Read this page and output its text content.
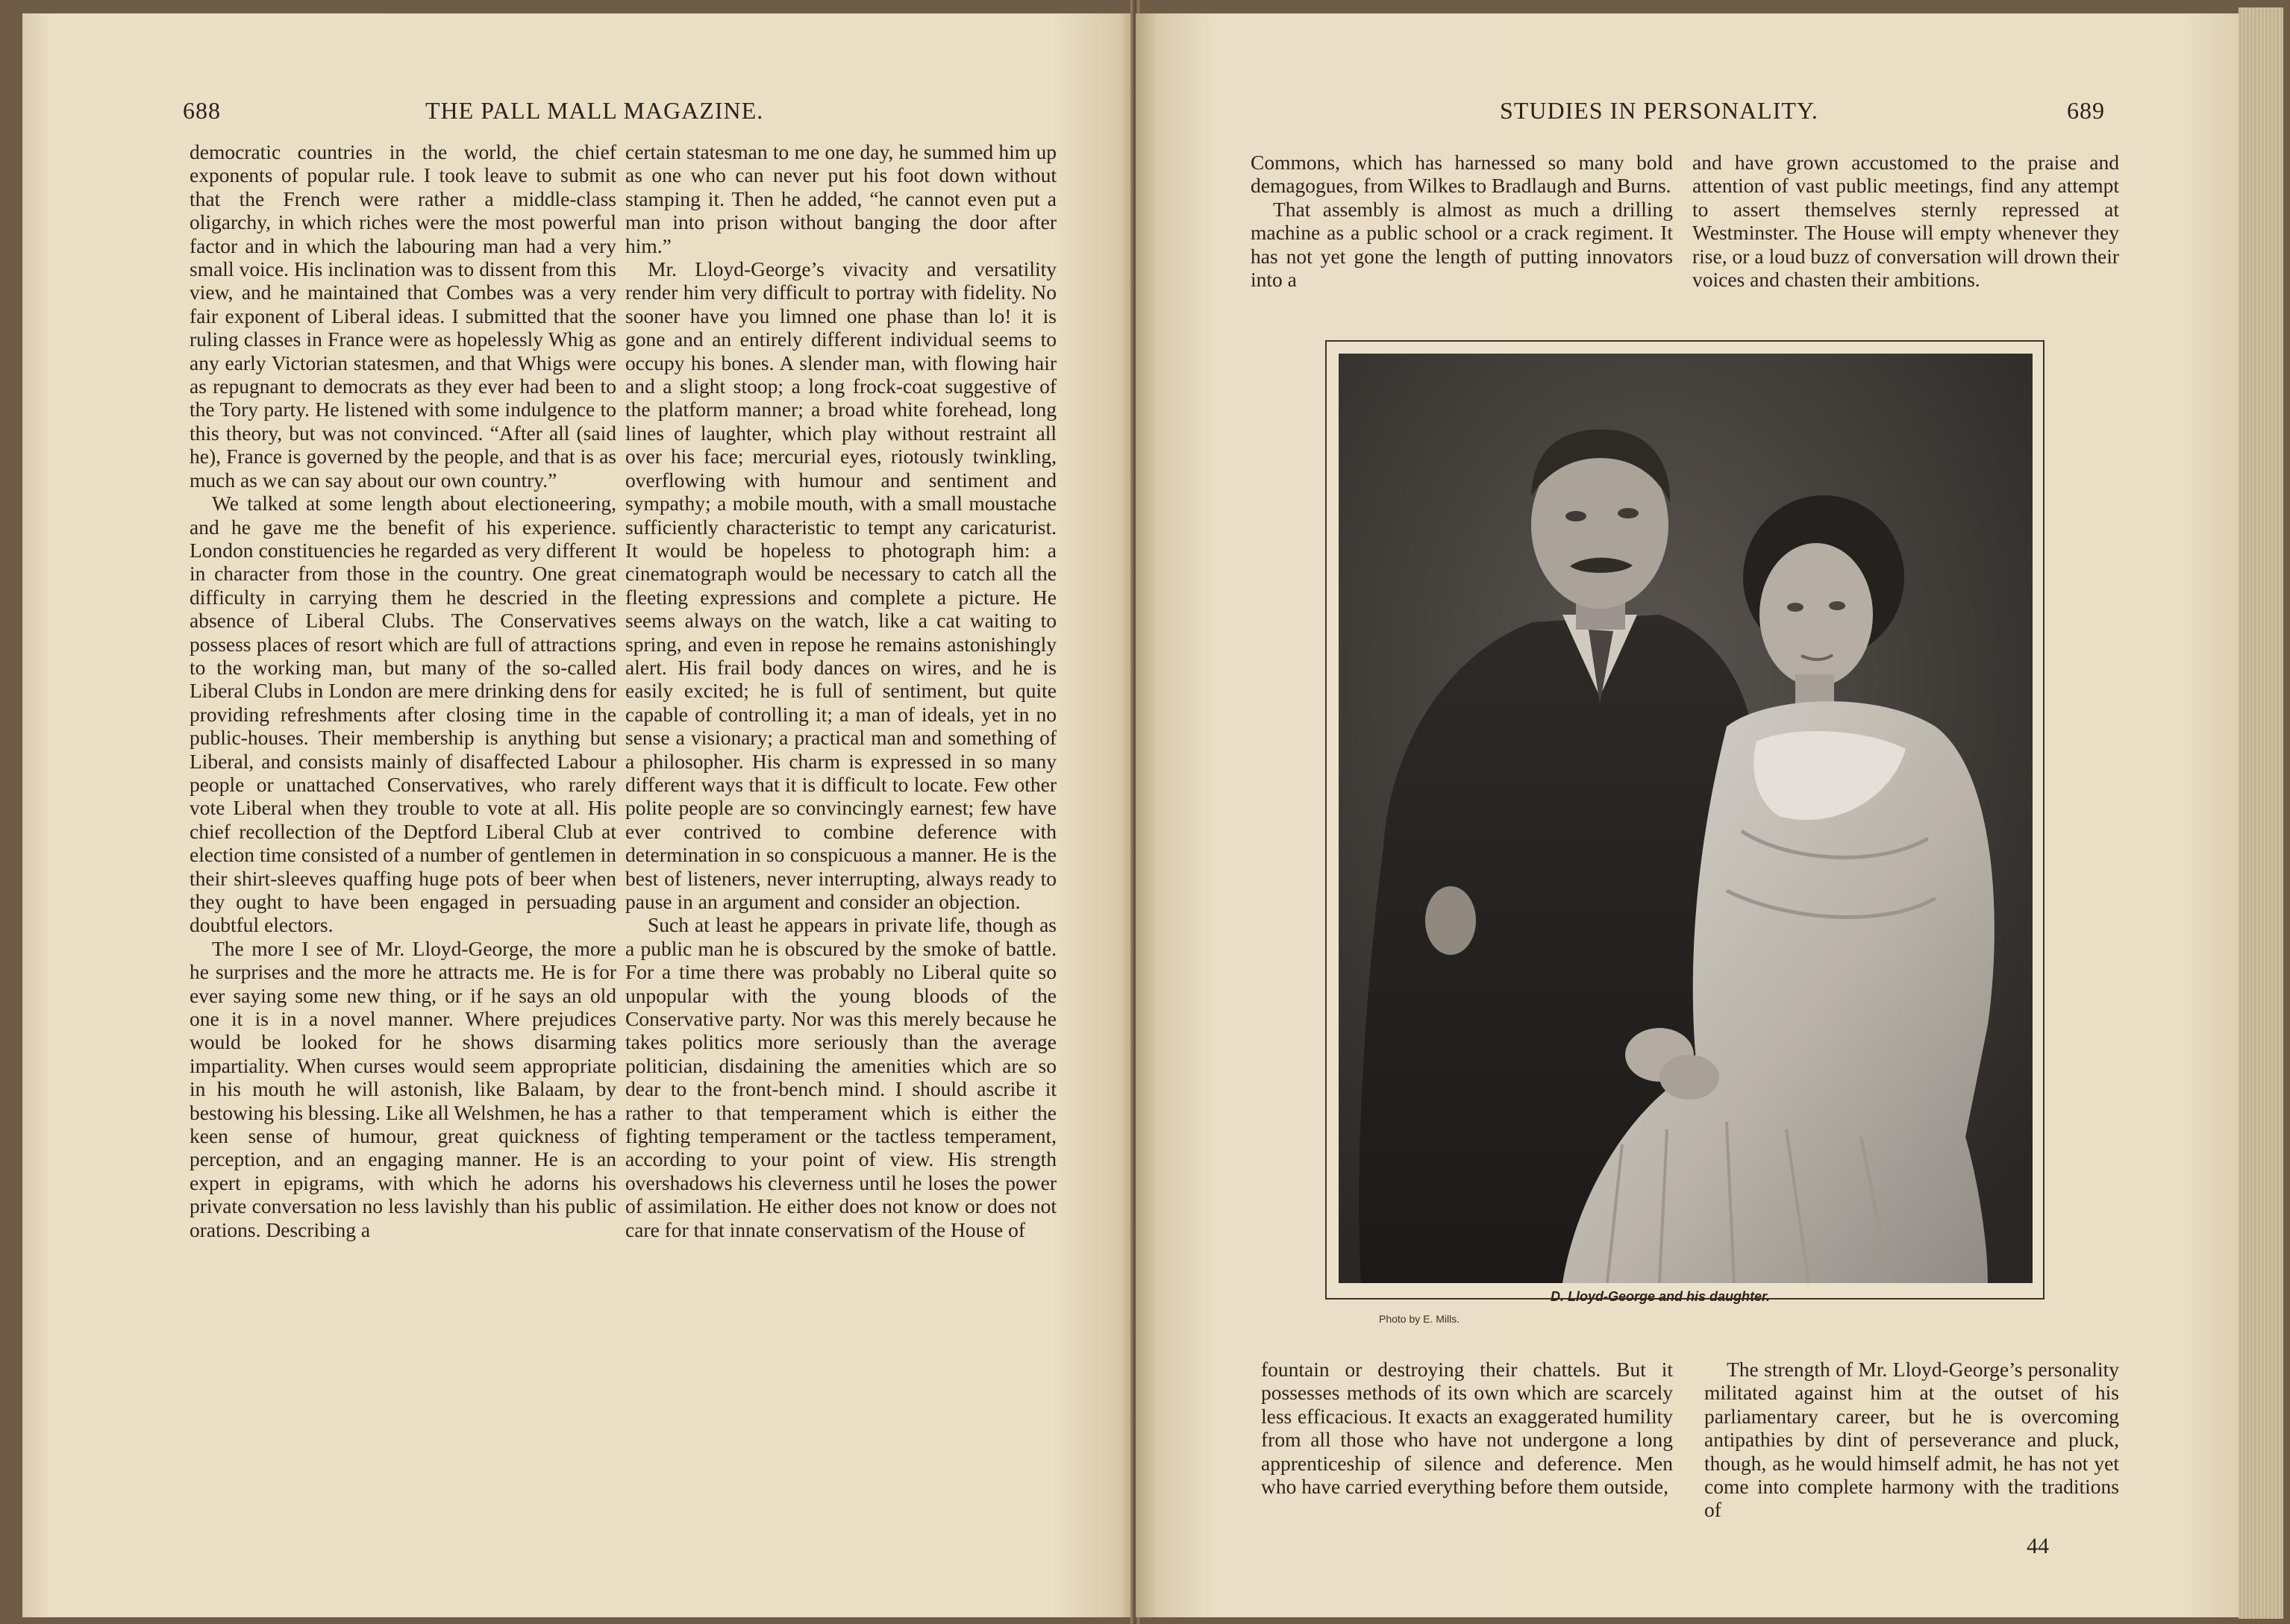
688	THE PALL MALL MAGAZINE.

democratic countries in the world, the chief exponents of popular rule. I took leave to submit that the French were rather a middle-class oligarchy, in which riches were the most powerful factor and in which the labouring man had a very small voice. His inclination was to dissent from this view, and he maintained that Combes was a very fair exponent of Liberal ideas. I submitted that the ruling classes in France were as hopelessly Whig as any early Victorian statesmen, and that Whigs were as repugnant to democrats as they ever had been to the Tory party. He listened with some indulgence to this theory, but was not convinced. “After all (said he), France is governed by the people, and that is as much as we can say about our own country.”

We talked at some length about electioneering, and he gave me the benefit of his experience. London constituencies he regarded as very different in character from those in the country. One great difficulty in carrying them he descried in the absence of Liberal Clubs. The Conservatives possess places of resort which are full of attractions to the working man, but many of the so-called Liberal Clubs in London are mere drinking dens for providing refreshments after closing time in the public-houses. Their membership is anything but Liberal, and consists mainly of disaffected Labour people or unattached Conservatives, who rarely vote Liberal when they trouble to vote at all. His chief recollection of the Deptford Liberal Club at election time consisted of a number of gentlemen in their shirt-sleeves quaffing huge pots of beer when they ought to have been engaged in persuading doubtful electors.

The more I see of Mr. Lloyd-George, the more he surprises and the more he attracts me. He is for ever saying some new thing, or if he says an old one it is in a novel manner. Where prejudices would be looked for he shows disarming impartiality. When curses would seem appropriate in his mouth he will astonish, like Balaam, by bestowing his blessing. Like all Welshmen, he has a keen sense of humour, great quickness of perception, and an engaging manner. He is an expert in epigrams, with which he adorns his private conversation no less lavishly than his public orations. Describing a

certain statesman to me one day, he summed him up as one who can never put his foot down without stamping it. Then he added, “he cannot even put a man into prison without banging the door after him.”

Mr. Lloyd-George’s vivacity and versatility render him very difficult to portray with fidelity. No sooner have you limned one phase than lo! it is gone and an entirely different individual seems to occupy his bones. A slender man, with flowing hair and a slight stoop; a long frock-coat suggestive of the platform manner; a broad white forehead, long lines of laughter, which play without restraint all over his face; mercurial eyes, riotously twinkling, overflowing with humour and sentiment and sympathy; a mobile mouth, with a small moustache sufficiently characteristic to tempt any caricaturist. It would be hopeless to photograph him: a cinematograph would be necessary to catch all the fleeting expressions and complete a picture. He seems always on the watch, like a cat waiting to spring, and even in repose he remains astonishingly alert. His frail body dances on wires, and he is easily excited; he is full of sentiment, but quite capable of controlling it; a man of ideals, yet in no sense a visionary; a practical man and something of a philosopher. His charm is expressed in so many different ways that it is difficult to locate. Few other polite people are so convincingly earnest; few have ever contrived to combine deference with determination in so conspicuous a manner. He is the best of listeners, never interrupting, always ready to pause in an argument and consider an objection.

Such at least he appears in private life, though as a public man he is obscured by the smoke of battle. For a time there was probably no Liberal quite so unpopular with the young bloods of the Conservative party. Nor was this merely because he takes politics more seriously than the average politician, disdaining the amenities which are so dear to the front-bench mind. I should ascribe it rather to that temperament which is either the fighting temperament or the tactless temperament, according to your point of view. His strength overshadows his cleverness until he loses the power of assimilation. He either does not know or does not care for that innate conservatism of the House of

STUDIES IN PERSONALITY.	689

Commons, which has harnessed so many bold demagogues, from Wilkes to Bradlaugh and Burns.

That assembly is almost as much a drilling machine as a public school or a crack regiment. It has not yet gone the length of putting innovators into a

and have grown accustomed to the praise and attention of vast public meetings, find any attempt to assert themselves sternly repressed at Westminster. The House will empty whenever they rise, or a loud buzz of conversation will drown their voices and chasten their ambitions.

D. Lloyd-George and his daughter.
Photo by E. Mills.

fountain or destroying their chattels. But it possesses methods of its own which are scarcely less efficacious. It exacts an exaggerated humility from all those who have not undergone a long apprenticeship of silence and deference. Men who have carried everything before them outside,

The strength of Mr. Lloyd-George’s personality militated against him at the outset of his parliamentary career, but he is overcoming antipathies by dint of perseverance and pluck, though, as he would himself admit, he has not yet come into complete harmony with the traditions of

44
